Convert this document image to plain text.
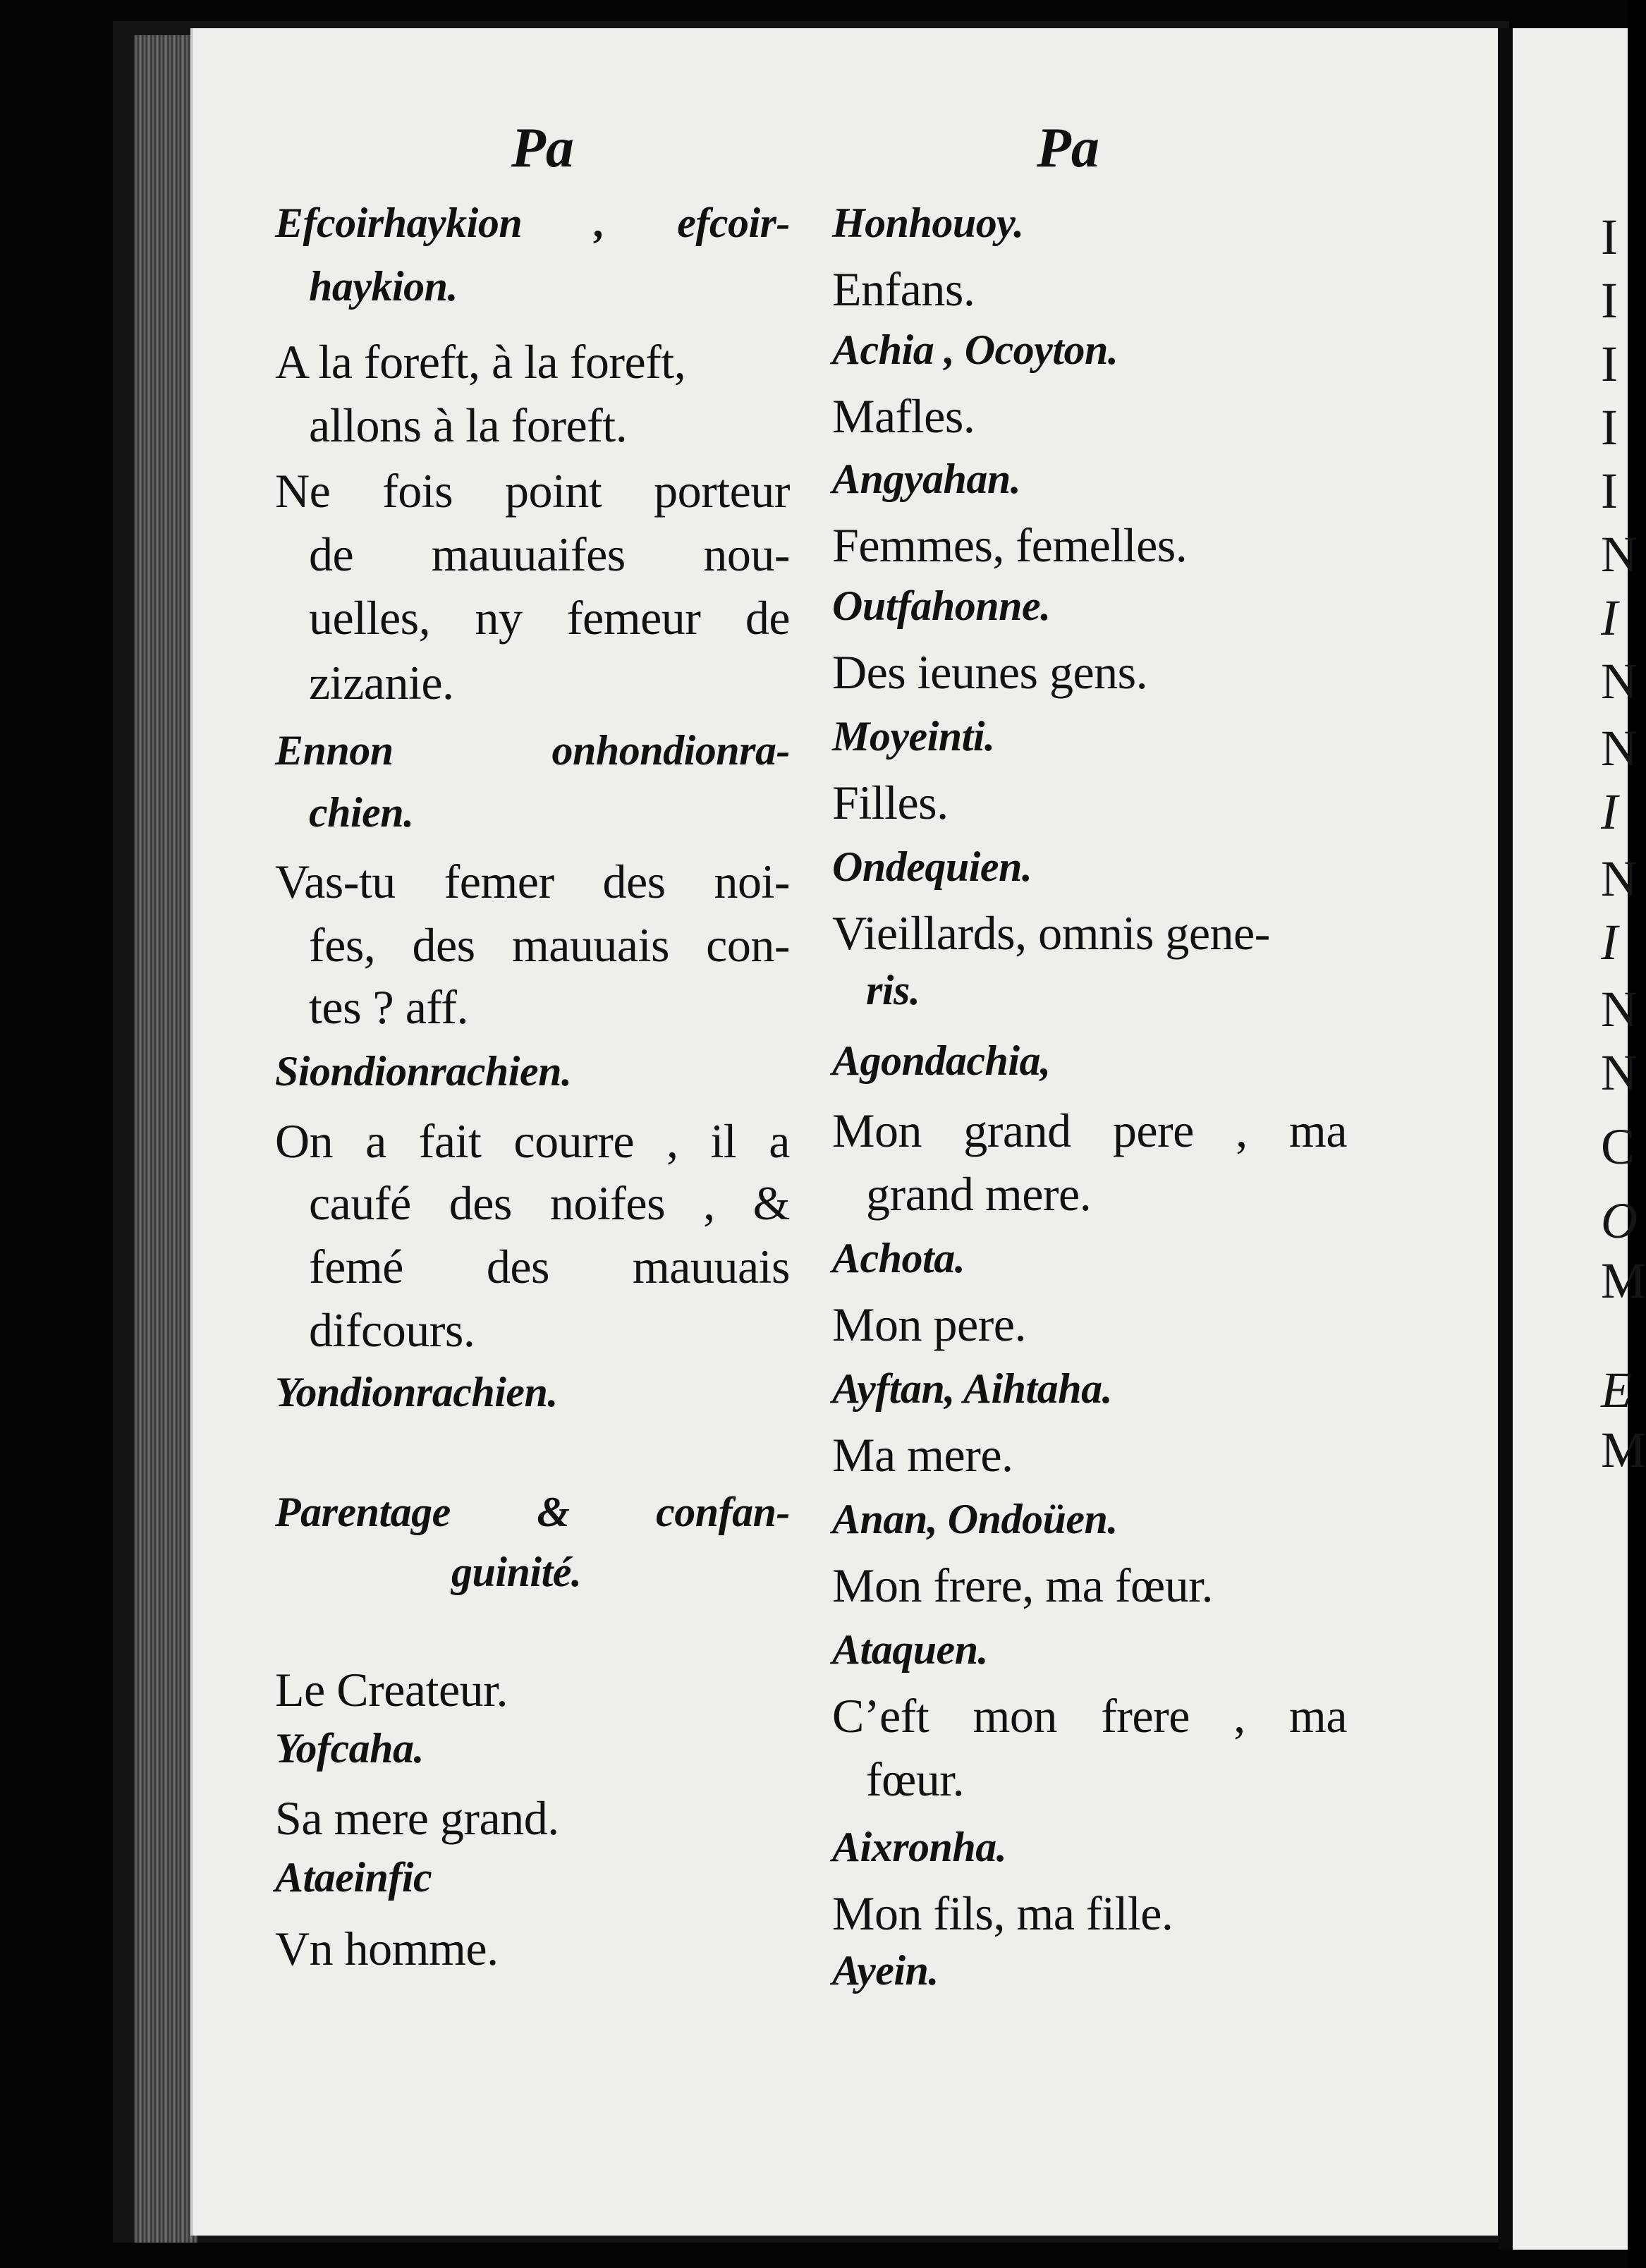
I
I
I
I
I
N
I
N
N
I
N
I
N
N
C
O
M
E
M
Pa	Pa
Efcoirhaykion , efcoir-
haykion.
A la foreft, à la foreft,
allons à la foreft.
Ne fois point porteur
de mauuaifes nou-
uelles, ny femeur de
zizanie.
Ennon onhondionra-
chien.
Vas-tu femer des noi-
fes, des mauuais con-
tes ? aff.
Siondionrachien.
On a fait courre , il a
caufé des noifes , &
femé des mauuais
difcours.
Yondionrachien.
Parentage & confan-
guinité.
Le Createur.
Yofcaha.
Sa mere grand.
Ataeinfic
Vn homme.
Honhouoy.
Enfans.
Achia , Ocoyton.
Mafles.
Angyahan.
Femmes, femelles.
Outfahonne.
Des ieunes gens.
Moyeinti.
Filles.
Ondequien.
Vieillards, omnis gene-
ris.
Agondachia,
Mon grand pere , ma
grand mere.
Achota.
Mon pere.
Ayftan, Aihtaha.
Ma mere.
Anan, Ondoüen.
Mon frere, ma fœur.
Ataquen.
C’eft mon frere , ma
fœur.
Aixronha.
Mon fils, ma fille.
Ayein.
